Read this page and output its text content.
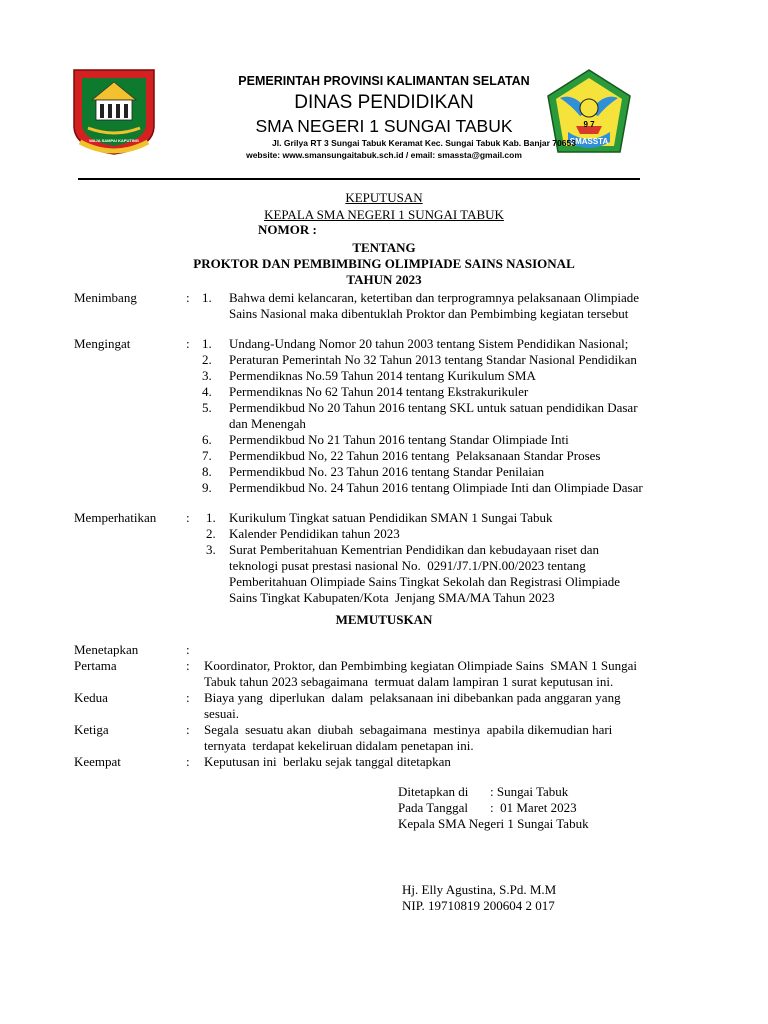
WAJA SAMPAI KAPUTING
9 7
SMASSTA
PEMERINTAH PROVINSI KALIMANTAN SELATAN
DINAS PENDIDIKAN
SMA NEGERI 1 SUNGAI TABUK
Jl. Grilya RT 3 Sungai Tabuk Keramat Kec. Sungai Tabuk Kab. Banjar 70653
website: www.smansungaitabuk.sch.id / email: smassta@gmail.com
KEPUTUSAN
KEPALA SMA NEGERI 1 SUNGAI TABUK
NOMOR :
TENTANG
PROKTOR DAN PEMBIMBING OLIMPIADE SAINS NASIONAL
TAHUN 2023
Menimbang	: 1. Bahwa demi kelancaran, ketertiban dan terprogramnya pelaksanaan Olimpiade
Sains Nasional maka dibentuklah Proktor dan Pembimbing kegiatan tersebut
Mengingat	: 1. Undang-Undang Nomor 20 tahun 2003 tentang Sistem Pendidikan Nasional;
2. Peraturan Pemerintah No 32 Tahun 2013 tentang Standar Nasional Pendidikan
3. Permendiknas No.59 Tahun 2014 tentang Kurikulum SMA
4. Permendiknas No 62 Tahun 2014 tentang Ekstrakurikuler
5. Permendikbud No 20 Tahun 2016 tentang SKL untuk satuan pendidikan Dasar
dan Menengah
6. Permendikbud No 21 Tahun 2016 tentang Standar Olimpiade Inti
7. Permendikbud No, 22 Tahun 2016 tentang  Pelaksanaan Standar Proses
8. Permendikbud No. 23 Tahun 2016 tentang Standar Penilaian
9. Permendikbud No. 24 Tahun 2016 tentang Olimpiade Inti dan Olimpiade Dasar
Memperhatikan : 1. Kurikulum Tingkat satuan Pendidikan SMAN 1 Sungai Tabuk
2. Kalender Pendidikan tahun 2023
3. Surat Pemberitahuan Kementrian Pendidikan dan kebudayaan riset dan
teknologi pusat prestasi nasional No.  0291/J7.1/PN.00/2023 tentang
Pemberitahuan Olimpiade Sains Tingkat Sekolah dan Registrasi Olimpiade
Sains Tingkat Kabupaten/Kota  Jenjang SMA/MA Tahun 2023
MEMUTUSKAN
Menetapkan	:
Pertama	: Koordinator, Proktor, dan Pembimbing kegiatan Olimpiade Sains  SMAN 1 Sungai
Tabuk tahun 2023 sebagaimana  termuat dalam lampiran 1 surat keputusan ini.
Kedua	: Biaya yang  diperlukan  dalam  pelaksanaan ini dibebankan pada anggaran yang
sesuai.
Ketiga	: Segala  sesuatu akan  diubah  sebagaimana  mestinya  apabila dikemudian hari
ternyata  terdapat kekeliruan didalam penetapan ini.
Keempat	: Keputusan ini  berlaku sejak tanggal ditetapkan
Ditetapkan di : Sungai Tabuk
Pada Tanggal :  01 Maret 2023
Kepala SMA Negeri 1 Sungai Tabuk
Hj. Elly Agustina, S.Pd. M.M
NIP. 19710819 200604 2 017
